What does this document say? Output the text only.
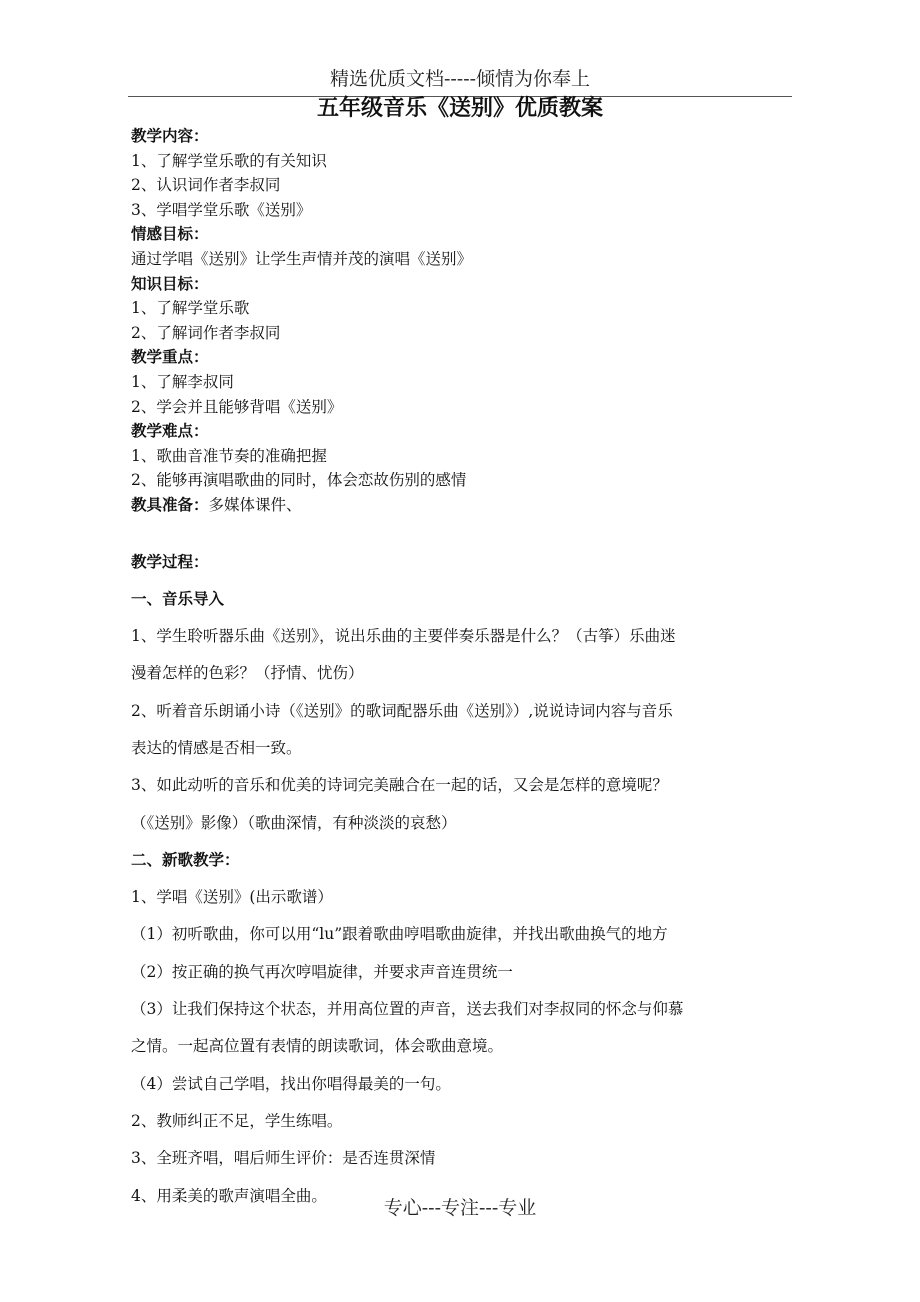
精选优质文档-----倾情为你奉上
五年级音乐《送别》优质教案
教学内容：
1、了解学堂乐歌的有关知识
2、认识词作者李叔同
3、学唱学堂乐歌《送别》
情感目标：
通过学唱《送别》让学生声情并茂的演唱《送别》
知识目标：
1、了解学堂乐歌
2、了解词作者李叔同
教学重点：
1、了解李叔同
2、学会并且能够背唱《送别》
教学难点：
1、歌曲音准节奏的准确把握
2、能够再演唱歌曲的同时，体会恋故伤别的感情
教具准备：多媒体课件、
教学过程：
一、音乐导入
1、学生聆听器乐曲《送别》，说出乐曲的主要伴奏乐器是什么？（古筝）乐曲迷
漫着怎样的色彩？（抒情、忧伤）
2、听着音乐朗诵小诗（《送别》的歌词配器乐曲《送别》）,说说诗词内容与音乐
表达的情感是否相一致。
3、如此动听的音乐和优美的诗词完美融合在一起的话，又会是怎样的意境呢？
（《送别》影像）（歌曲深情，有种淡淡的哀愁）
二、新歌教学：
1、学唱《送别》(出示歌谱）
（1）初听歌曲，你可以用“lu”跟着歌曲哼唱歌曲旋律，并找出歌曲换气的地方
（2）按正确的换气再次哼唱旋律，并要求声音连贯统一
（3）让我们保持这个状态，并用高位置的声音，送去我们对李叔同的怀念与仰慕
之情。一起高位置有表情的朗读歌词，体会歌曲意境。
（4）尝试自己学唱，找出你唱得最美的一句。
2、教师纠正不足，学生练唱。
3、全班齐唱，唱后师生评价：是否连贯深情
4、用柔美的歌声演唱全曲。
专心---专注---专业
